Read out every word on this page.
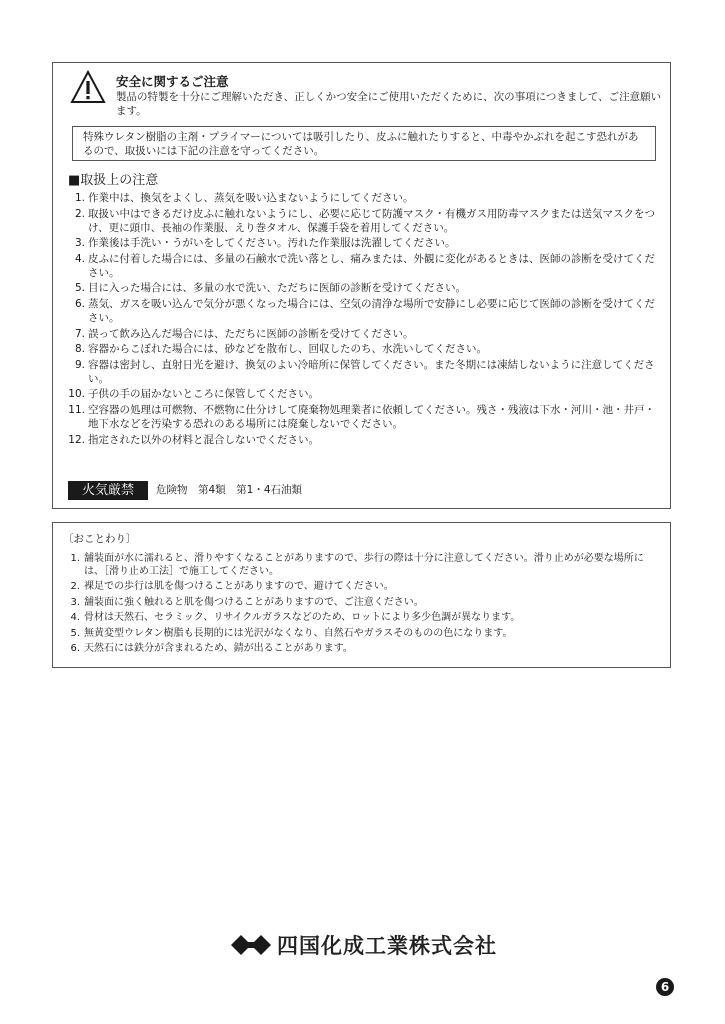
安全に関するご注意
製品の特製を十分にご理解いただき、正しくかつ安全にご使用いただくために、次の事項につきまして、ご注意願います。
特殊ウレタン樹脂の主剤・プライマーについては吸引したり、皮ふに触れたりすると、中毒やかぶれを起こす恐れがあるので、取扱いには下記の注意を守ってください。
■取扱上の注意
1. 作業中は、換気をよくし、蒸気を吸い込まないようにしてください。
2. 取扱い中はできるだけ皮ふに触れないようにし、必要に応じて防護マスク・有機ガス用防毒マスクまたは送気マスクをつけ、更に頭巾、長袖の作業服、えり巻タオル、保護手袋を着用してください。
3. 作業後は手洗い・うがいをしてください。汚れた作業服は洗濯してください。
4. 皮ふに付着した場合には、多量の石鹸水で洗い落とし、痛みまたは、外観に変化があるときは、医師の診断を受けてください。
5. 目に入った場合には、多量の水で洗い、ただちに医師の診断を受けてください。
6. 蒸気、ガスを吸い込んで気分が悪くなった場合には、空気の清浄な場所で安静にし必要に応じて医師の診断を受けてください。
7. 誤って飲み込んだ場合には、ただちに医師の診断を受けてください。
8. 容器からこぼれた場合には、砂などを散布し、回収したのち、水洗いしてください。
9. 容器は密封し、直射日光を避け、換気のよい冷暗所に保管してください。また冬期には凍結しないように注意してください。
10. 子供の手の届かないところに保管してください。
11. 空容器の処理は可燃物、不燃物に仕分けして廃棄物処理業者に依頼してください。残さ・残液は下水・河川・池・井戸・地下水などを汚染する恐れのある場所には廃棄しないでください。
12. 指定された以外の材料と混合しないでください。
火気厳禁	危険物　第4類　第1・4石油類
〔おことわり〕
1. 舗装面が水に濡れると、滑りやすくなることがありますので、歩行の際は十分に注意してください。滑り止めが必要な場所には、［滑り止め工法］で施工してください。
2. 裸足での歩行は肌を傷つけることがありますので、避けてください。
3. 舗装面に強く触れると肌を傷つけることがありますので、ご注意ください。
4. 骨材は天然石、セラミック、リサイクルガラスなどのため、ロットにより多少色調が異なります。
5. 無黄変型ウレタン樹脂も長期的には光沢がなくなり、自然石やガラスそのものの色になります。
6. 天然石には鉄分が含まれるため、錆が出ることがあります。
四国化成工業株式会社
6
